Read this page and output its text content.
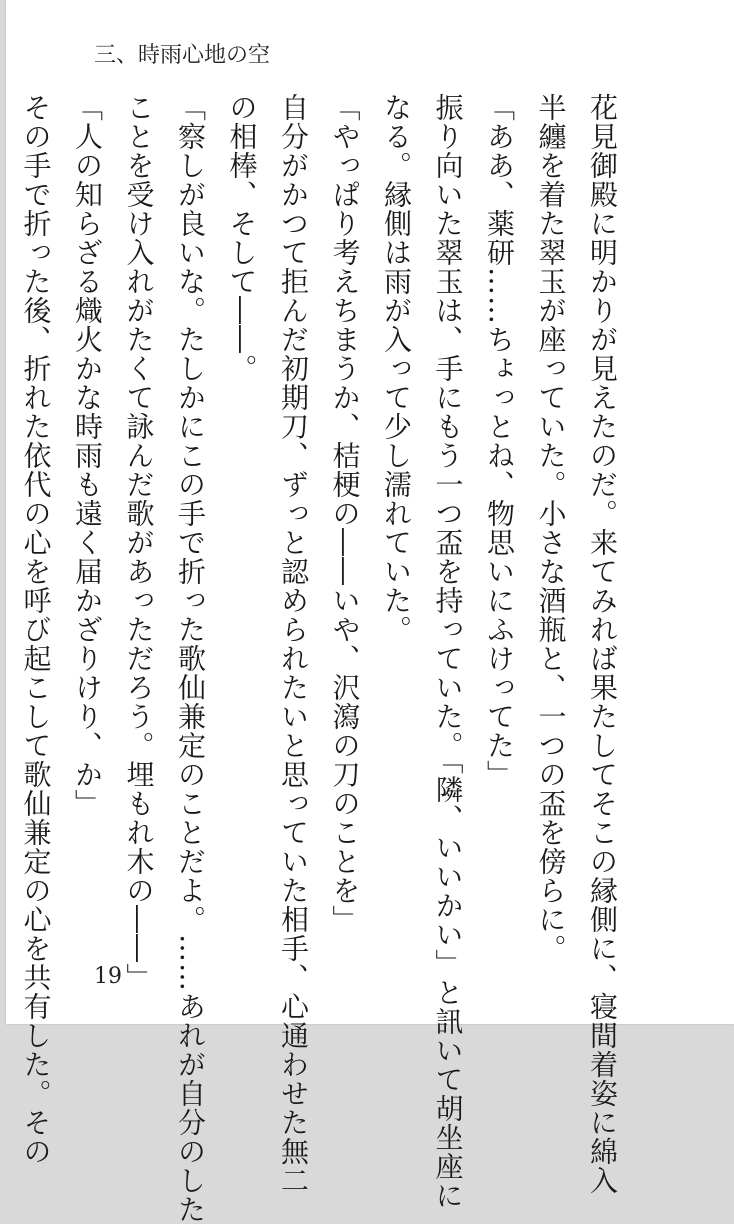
三、時雨心地の空
花見御殿に明かりが見えたのだ。来てみれば果たしてそこの縁側に、寝間着姿に綿入
半纏を着た翠玉が座っていた。小さな酒瓶と、一つの盃を傍らに。
「ああ、薬研……ちょっとね、物思いにふけってた」
振り向いた翠玉は、手にもう一つ盃を持っていた。「隣、いいかい」と訊いて胡坐座に
なる。縁側は雨が入って少し濡れていた。
「やっぱり考えちまうか、桔梗の――いや、沢瀉の刀のことを」
自分がかつて拒んだ初期刀、ずっと認められたいと思っていた相手、心通わせた無二
の相棒、そして――。
「察しが良いな。たしかにこの手で折った歌仙兼定のことだよ。……あれが自分のした
ことを受け入れがたくて詠んだ歌があっただろう。埋もれ木の――」
「人の知らざる熾火かな時雨も遠く届かざりけり、か」
その手で折った後、折れた依代の心を呼び起こして歌仙兼定の心を共有した。その	19
